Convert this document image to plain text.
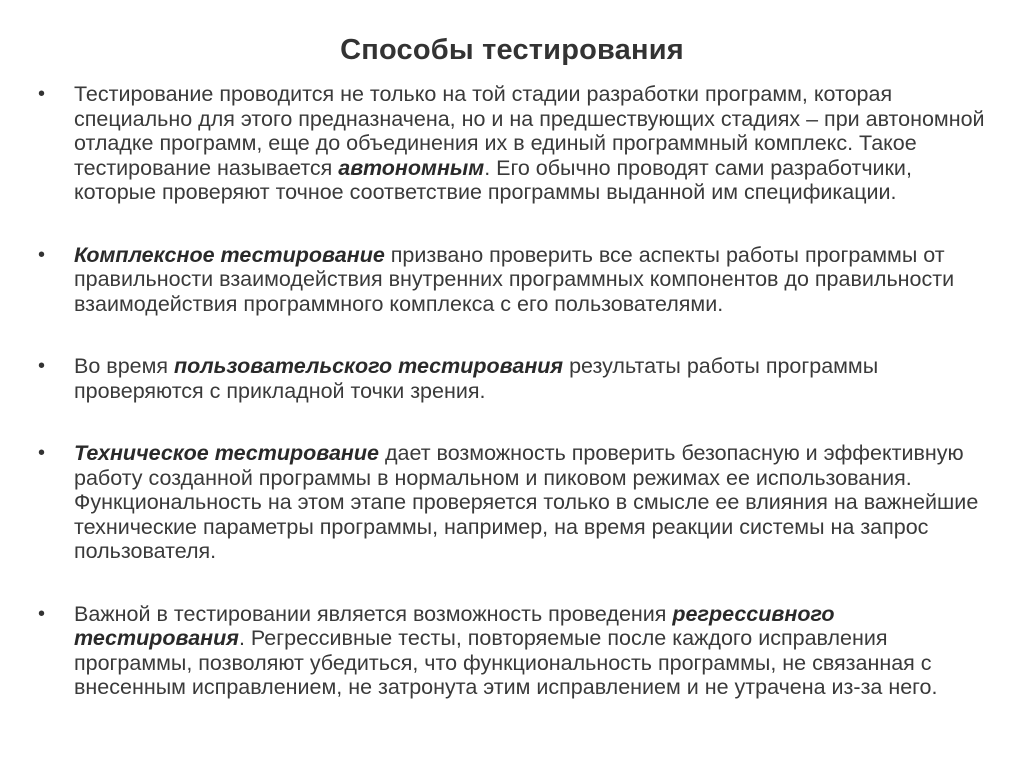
Способы тестирования
• Тестирование проводится не только на той стадии разработки программ, которая специально для этого предназначена, но и на предшествующих стадиях – при автономной отладке программ, еще до объединения их в единый программный комплекс. Такое тестирование называется автономным. Его обычно проводят сами разработчики, которые проверяют точное соответствие программы выданной им спецификации.
• Комплексное тестирование призвано проверить все аспекты работы программы от правильности взаимодействия внутренних программных компонентов до правильности взаимодействия программного комплекса с его пользователями.
• Во время пользовательского тестирования результаты работы программы проверяются с прикладной точки зрения.
• Техническое тестирование дает возможность проверить безопасную и эффективную работу созданной программы в нормальном и пиковом режимах ее использования. Функциональность на этом этапе проверяется только в смысле ее влияния на важнейшие технические параметры программы, например, на время реакции системы на запрос пользователя.
• Важной в тестировании является возможность проведения регрессивного тестирования. Регрессивные тесты, повторяемые после каждого исправления программы, позволяют убедиться, что функциональность программы, не связанная с внесенным исправлением, не затронута этим исправлением и не утрачена из-за него.
